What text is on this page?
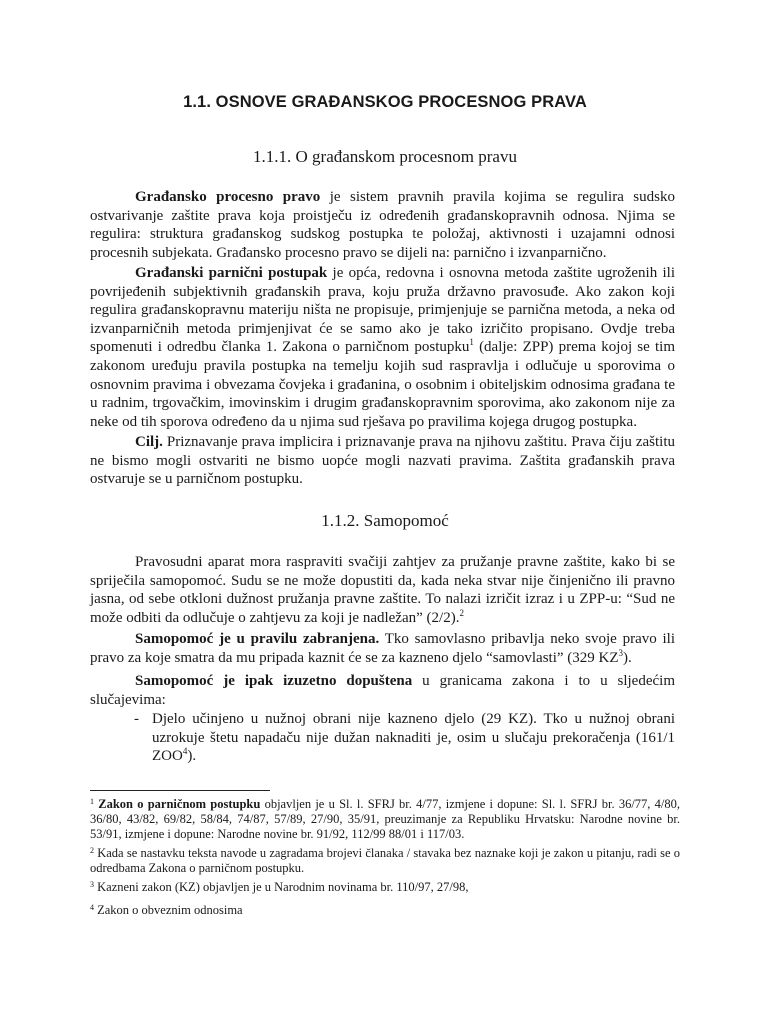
1.1. OSNOVE GRAĐANSKOG PROCESNOG PRAVA
1.1.1. O građanskom procesnom pravu

Građansko procesno pravo je sistem pravnih pravila kojima se regulira sudsko ostvarivanje zaštite prava koja proistječu iz određenih građanskopravnih odnosa. Njima se regulira: struktura građanskog sudskog postupka te položaj, aktivnosti i uzajamni odnosi procesnih subjekata. Građansko procesno pravo se dijeli na: parnično i izvanparnično.

Građanski parnični postupak je opća, redovna i osnovna metoda zaštite ugroženih ili povrijeđenih subjektivnih građanskih prava, koju pruža državno pravosuđe. Ako zakon koji regulira građanskopravnu materiju ništa ne propisuje, primjenjuje se parnična metoda, a neka od izvanparničnih metoda primjenjivat će se samo ako je tako izričito propisano. Ovdje treba spomenuti i odredbu članka 1. Zakona o parničnom postupku$^1$ (dalje: ZPP) prema kojoj se tim zakonom uređuju pravila postupka na temelju kojih sud raspravlja i odlučuje u sporovima o osnovnim pravima i obvezama čovjeka i građanina, o osobnim i obiteljskim odnosima građana te u radnim, trgovačkim, imovinskim i drugim građanskopravnim sporovima, ako zakonom nije za neke od tih sporova određeno da u njima sud rješava po pravilima kojega drugog postupka.

Cilj. Priznavanje prava implicira i priznavanje prava na njihovu zaštitu. Prava čiju zaštitu ne bismo mogli ostvariti ne bismo uopće mogli nazvati pravima. Zaštita građanskih prava ostvaruje se u parničnom postupku.

1.1.2. Samopomoć

Pravosudni aparat mora raspraviti svačiji zahtjev za pružanje pravne zaštite, kako bi se spriječila samopomoć. Sudu se ne može dopustiti da, kada neka stvar nije činjenično ili pravno jasna, od sebe otkloni dužnost pružanja pravne zaštite. To nalazi izričit izraz i u ZPP-u: “Sud ne može odbiti da odlučuje o zahtjevu za koji je nadležan” (2/2).$^2$

Samopomoć je u pravilu zabranjena. Tko samovlasno pribavlja neko svoje pravo ili pravo za koje smatra da mu pripada kaznit će se za kazneno djelo “samovlasti” (329 $KZ^3$).

Samopomoć je ipak izuzetno dopuštena u granicama zakona i to u sljedećim slučajevima:

- Djelo učinjeno u nužnoj obrani nije kazneno djelo (29 KZ). Tko u nužnoj obrani uzrokuje štetu napadaču nije dužan naknaditi je, osim u slučaju prekoračenja (161/1 ZOO$^4$).

$^1$ Zakon o parničnom postupku objavljen je u Sl. l. SFRJ br. 4/77, izmjene i dopune: Sl. l. SFRJ br. 36/77, 4/80, 36/80, 43/82, 69/82, 58/84, 74/87, 57/89, 27/90, 35/91, preuzimanje za Republiku Hrvatsku: Narodne novine br. 53/91, izmjene i dopune: Narodne novine br. 91/92, 112/99 88/01 i 117/03.

$^2$ Kada se nastavku teksta navode u zagradama brojevi članaka / stavaka bez naznake koji je zakon u pitanju, radi se o odredbama Zakona o parničnom postupku.

$^3$ Kazneni zakon (KZ) objavljen je u Narodnim novinama br. 110/97, 27/98,

$^4$ Zakon o obveznim odnosima
